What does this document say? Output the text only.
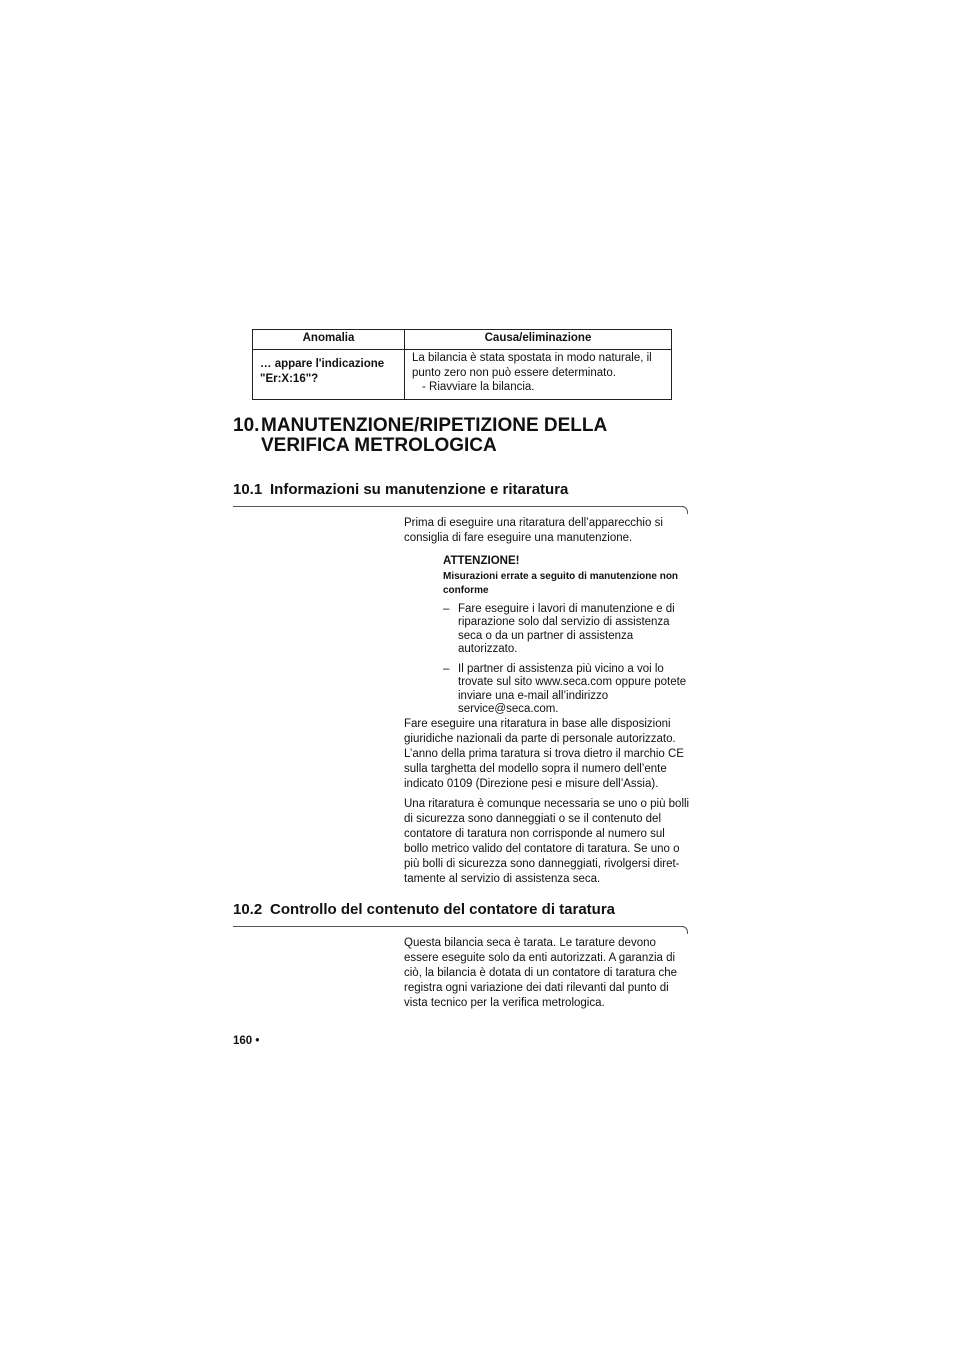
Anomalia	Causa/eliminazione
… appare l'indicazione "Er:X:16"?	La bilancia è stata spostata in modo naturale, il punto zero non può essere determinato.
- Riavviare la bilancia.
10. MANUTENZIONE/RIPETIZIONE DELLA VERIFICA METROLOGICA
10.1 Informazioni su manutenzione e ritaratura

Prima di eseguire una ritaratura dell’apparecchio si consiglia di fare eseguire una manutenzione.

ATTENZIONE!
Misurazioni errate a seguito di manutenzione non conforme
– Fare eseguire i lavori di manutenzione e di riparazione solo dal servizio di assistenza seca o da un partner di assistenza autorizzato.
– Il partner di assistenza più vicino a voi lo trovate sul sito www.seca.com oppure potete inviare una e-mail all’indirizzo service@seca.com.

Fare eseguire una ritaratura in base alle disposizioni giuridiche nazionali da parte di personale autorizzato. L’anno della prima taratura si trova dietro il marchio CE sulla targhetta del modello sopra il numero dell’ente indicato 0109 (Direzione pesi e misure dell’Assia).

Una ritaratura è comunque necessaria se uno o più bolli di sicurezza sono danneggiati o se il contenuto del contatore di taratura non corrisponde al numero sul bollo metrico valido del contatore di taratura. Se uno o più bolli di sicurezza sono danneggiati, rivolgersi diret-tamente al servizio di assistenza seca.

10.2 Controllo del contenuto del contatore di taratura

Questa bilancia seca è tarata. Le tarature devono essere eseguite solo da enti autorizzati. A garanzia di ciò, la bilancia è dotata di un contatore di taratura che registra ogni variazione dei dati rilevanti dal punto di vista tecnico per la verifica metrologica.

160 •
